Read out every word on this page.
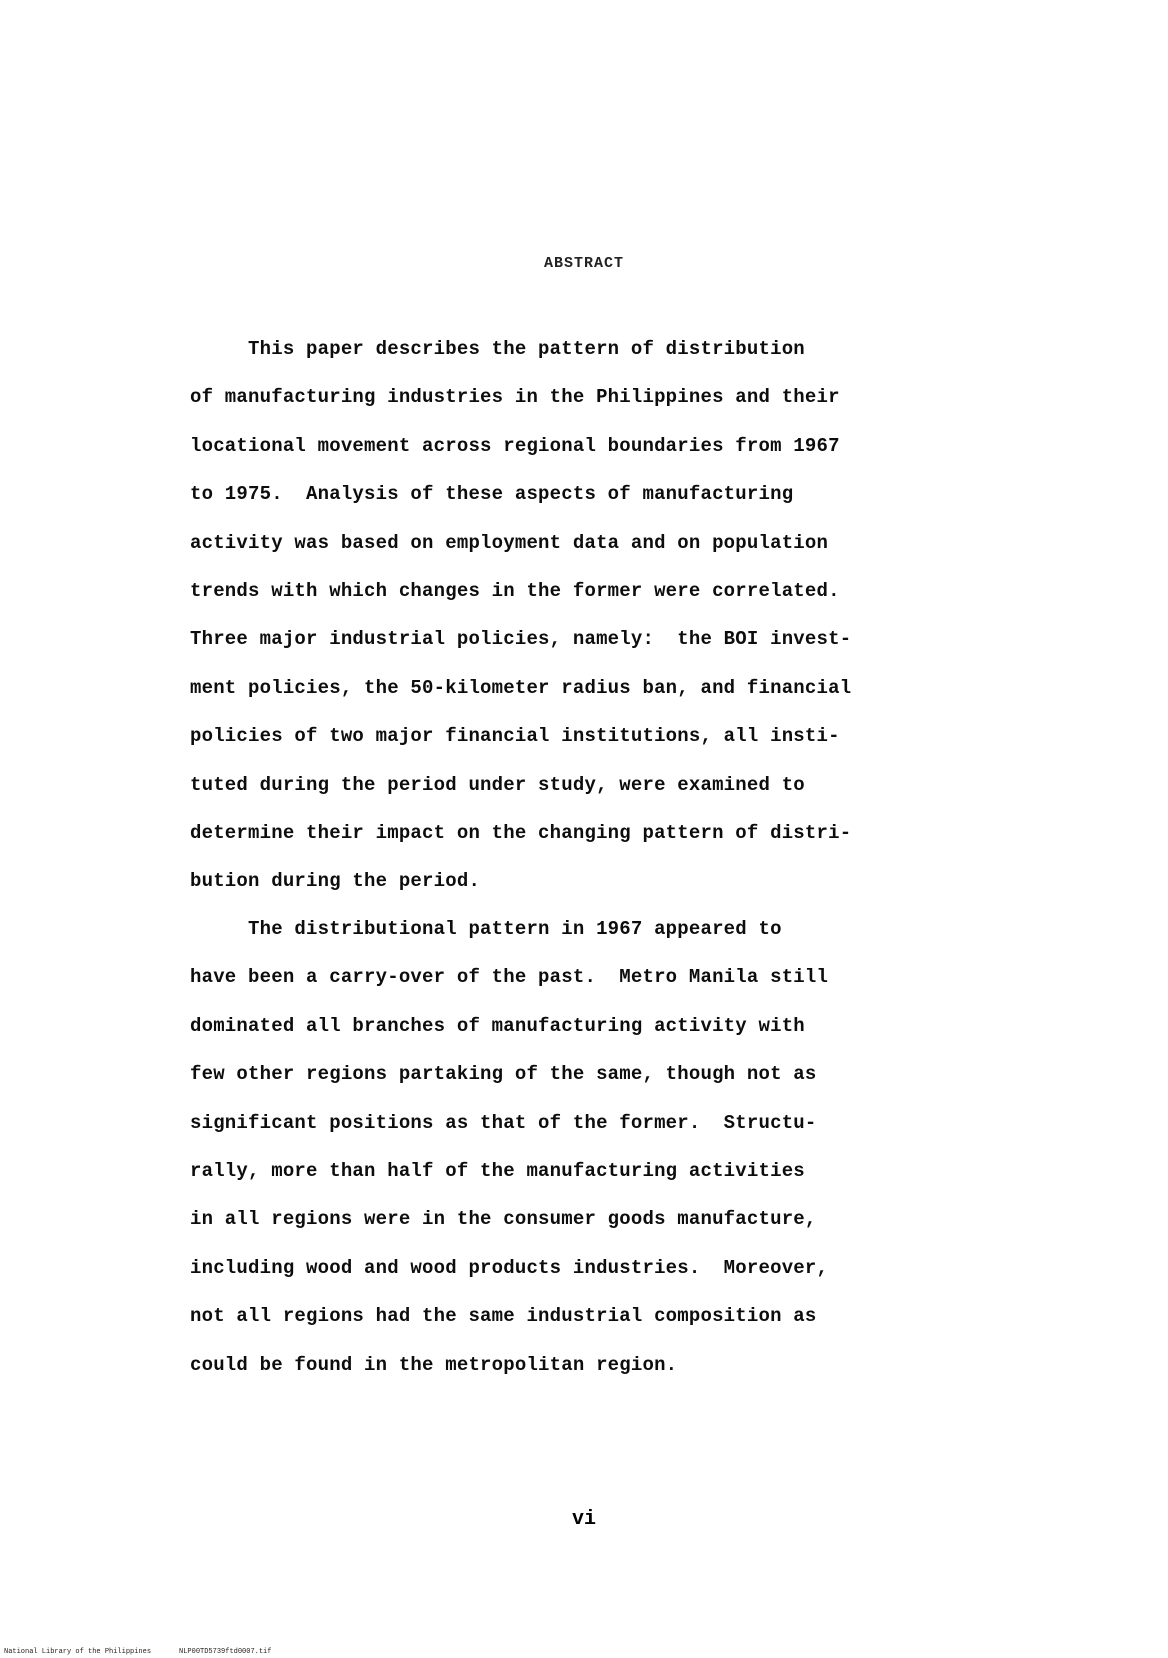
ABSTRACT
This paper describes the pattern of distribution
of manufacturing industries in the Philippines and their
locational movement across regional boundaries from 1967
to 1975.  Analysis of these aspects of manufacturing
activity was based on employment data and on population
trends with which changes in the former were correlated.
Three major industrial policies, namely:  the BOI invest-
ment policies, the 50-kilometer radius ban, and financial
policies of two major financial institutions, all insti-
tuted during the period under study, were examined to
determine their impact on the changing pattern of distri-
bution during the period.
The distributional pattern in 1967 appeared to
have been a carry-over of the past.  Metro Manila still
dominated all branches of manufacturing activity with
few other regions partaking of the same, though not as
significant positions as that of the former.  Structu-
rally, more than half of the manufacturing activities
in all regions were in the consumer goods manufacture,
including wood and wood products industries.  Moreover,
not all regions had the same industrial composition as
could be found in the metropolitan region.
vi
National Library of the Philippines	NLP00TD5739ftd0007.tif
